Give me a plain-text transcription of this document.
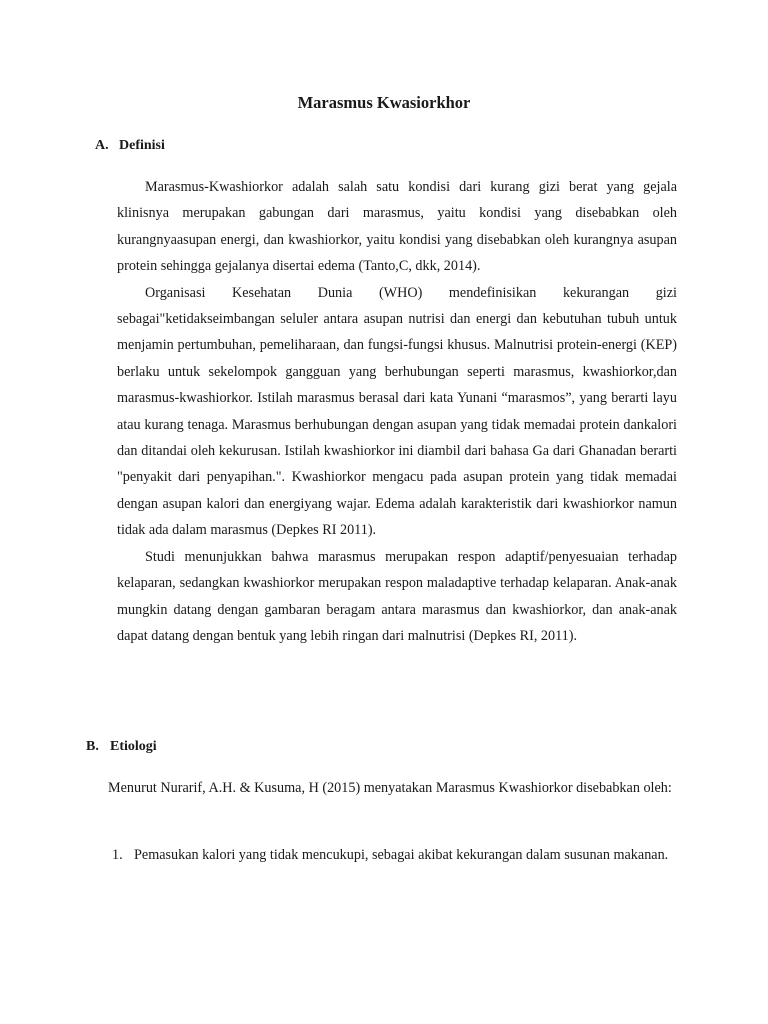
Marasmus Kwasiorkhor
A. Definisi

Marasmus-Kwashiorkor adalah salah satu kondisi dari kurang gizi berat yang gejala klinisnya merupakan gabungan dari marasmus, yaitu kondisi yang disebabkan oleh kurangnyaasupan energi, dan kwashiorkor, yaitu kondisi yang disebabkan oleh kurangnya asupan protein sehingga gejalanya disertai edema (Tanto,C, dkk, 2014).

Organisasi Kesehatan Dunia (WHO) mendefinisikan kekurangan gizi sebagai"ketidakseimbangan seluler antara asupan nutrisi dan energi dan kebutuhan tubuh untuk menjamin pertumbuhan, pemeliharaan, dan fungsi-fungsi khusus. Malnutrisi protein-energi (KEP) berlaku untuk sekelompok gangguan yang berhubungan seperti marasmus, kwashiorkor,dan marasmus-kwashiorkor. Istilah marasmus berasal dari kata Yunani “marasmos”, yang berarti layu atau kurang tenaga. Marasmus berhubungan dengan asupan yang tidak memadai protein dankalori dan ditandai oleh kekurusan. Istilah kwashiorkor ini diambil dari bahasa Ga dari Ghanadan berarti "penyakit dari penyapihan.". Kwashiorkor mengacu pada asupan protein yang tidak memadai dengan asupan kalori dan energiyang wajar. Edema adalah karakteristik dari kwashiorkor namun tidak ada dalam marasmus (Depkes RI 2011).

Studi menunjukkan bahwa marasmus merupakan respon adaptif/penyesuaian terhadap kelaparan, sedangkan kwashiorkor merupakan respon maladaptive terhadap kelaparan. Anak-anak mungkin datang dengan gambaran beragam antara marasmus dan kwashiorkor, dan anak-anak dapat datang dengan bentuk yang lebih ringan dari malnutrisi (Depkes RI, 2011).

B. Etiologi

Menurut Nurarif, A.H. & Kusuma, H (2015) menyatakan Marasmus Kwashiorkor disebabkan oleh:

1. Pemasukan kalori yang tidak mencukupi, sebagai akibat kekurangan dalam susunan makanan.
